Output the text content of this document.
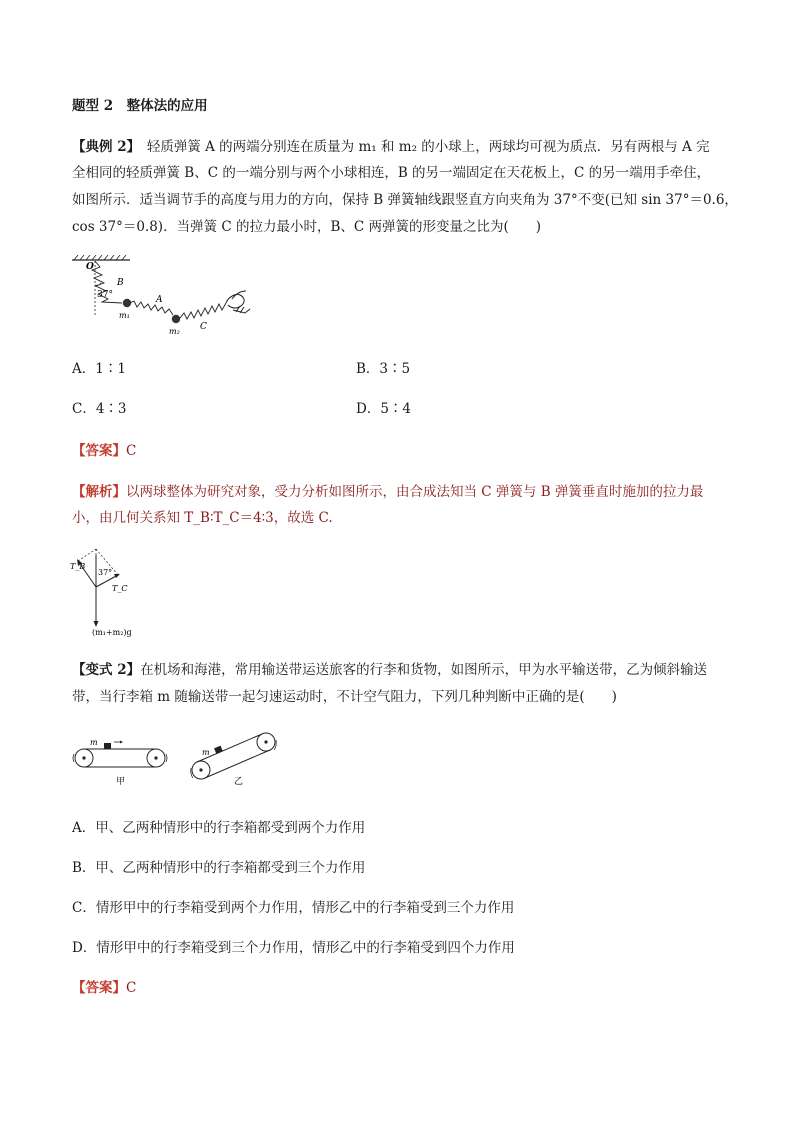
题型 2　整体法的应用
【典例 2】　轻质弹簧 A 的两端分别连在质量为 m₁ 和 m₂ 的小球上，两球均可视为质点．另有两根与 A 完
全相同的轻质弹簧 B、C 的一端分别与两个小球相连，B 的另一端固定在天花板上，C 的另一端用手牵住，
如图所示．适当调节手的高度与用力的方向，保持 B 弹簧轴线跟竖直方向夹角为 37°不变(已知 sin 37°＝0.6，
cos 37°＝0.8)．当弹簧 C 的拉力最小时，B、C 两弹簧的形变量之比为(　　)
O
B
37°	A
m₁
m₂ C
A．1∶1	B．3∶5
C．4∶3	D．5∶4
【答案】C
【解析】以两球整体为研究对象，受力分析如图所示，由合成法知当 C 弹簧与 B 弹簧垂直时施加的拉力最
小，由几何关系知 T_B∶T_C＝4∶3，故选 C.
T_B
37°
T_C
(m₁+m₂)g
【变式 2】在机场和海港，常用输送带运送旅客的行李和货物，如图所示，甲为水平输送带，乙为倾斜输送
带，当行李箱 m 随输送带一起匀速运动时，不计空气阻力，下列几种判断中正确的是(　　)
m
甲
m
乙
A．甲、乙两种情形中的行李箱都受到两个力作用
B．甲、乙两种情形中的行李箱都受到三个力作用
C．情形甲中的行李箱受到两个力作用，情形乙中的行李箱受到三个力作用
D．情形甲中的行李箱受到三个力作用，情形乙中的行李箱受到四个力作用
【答案】C
